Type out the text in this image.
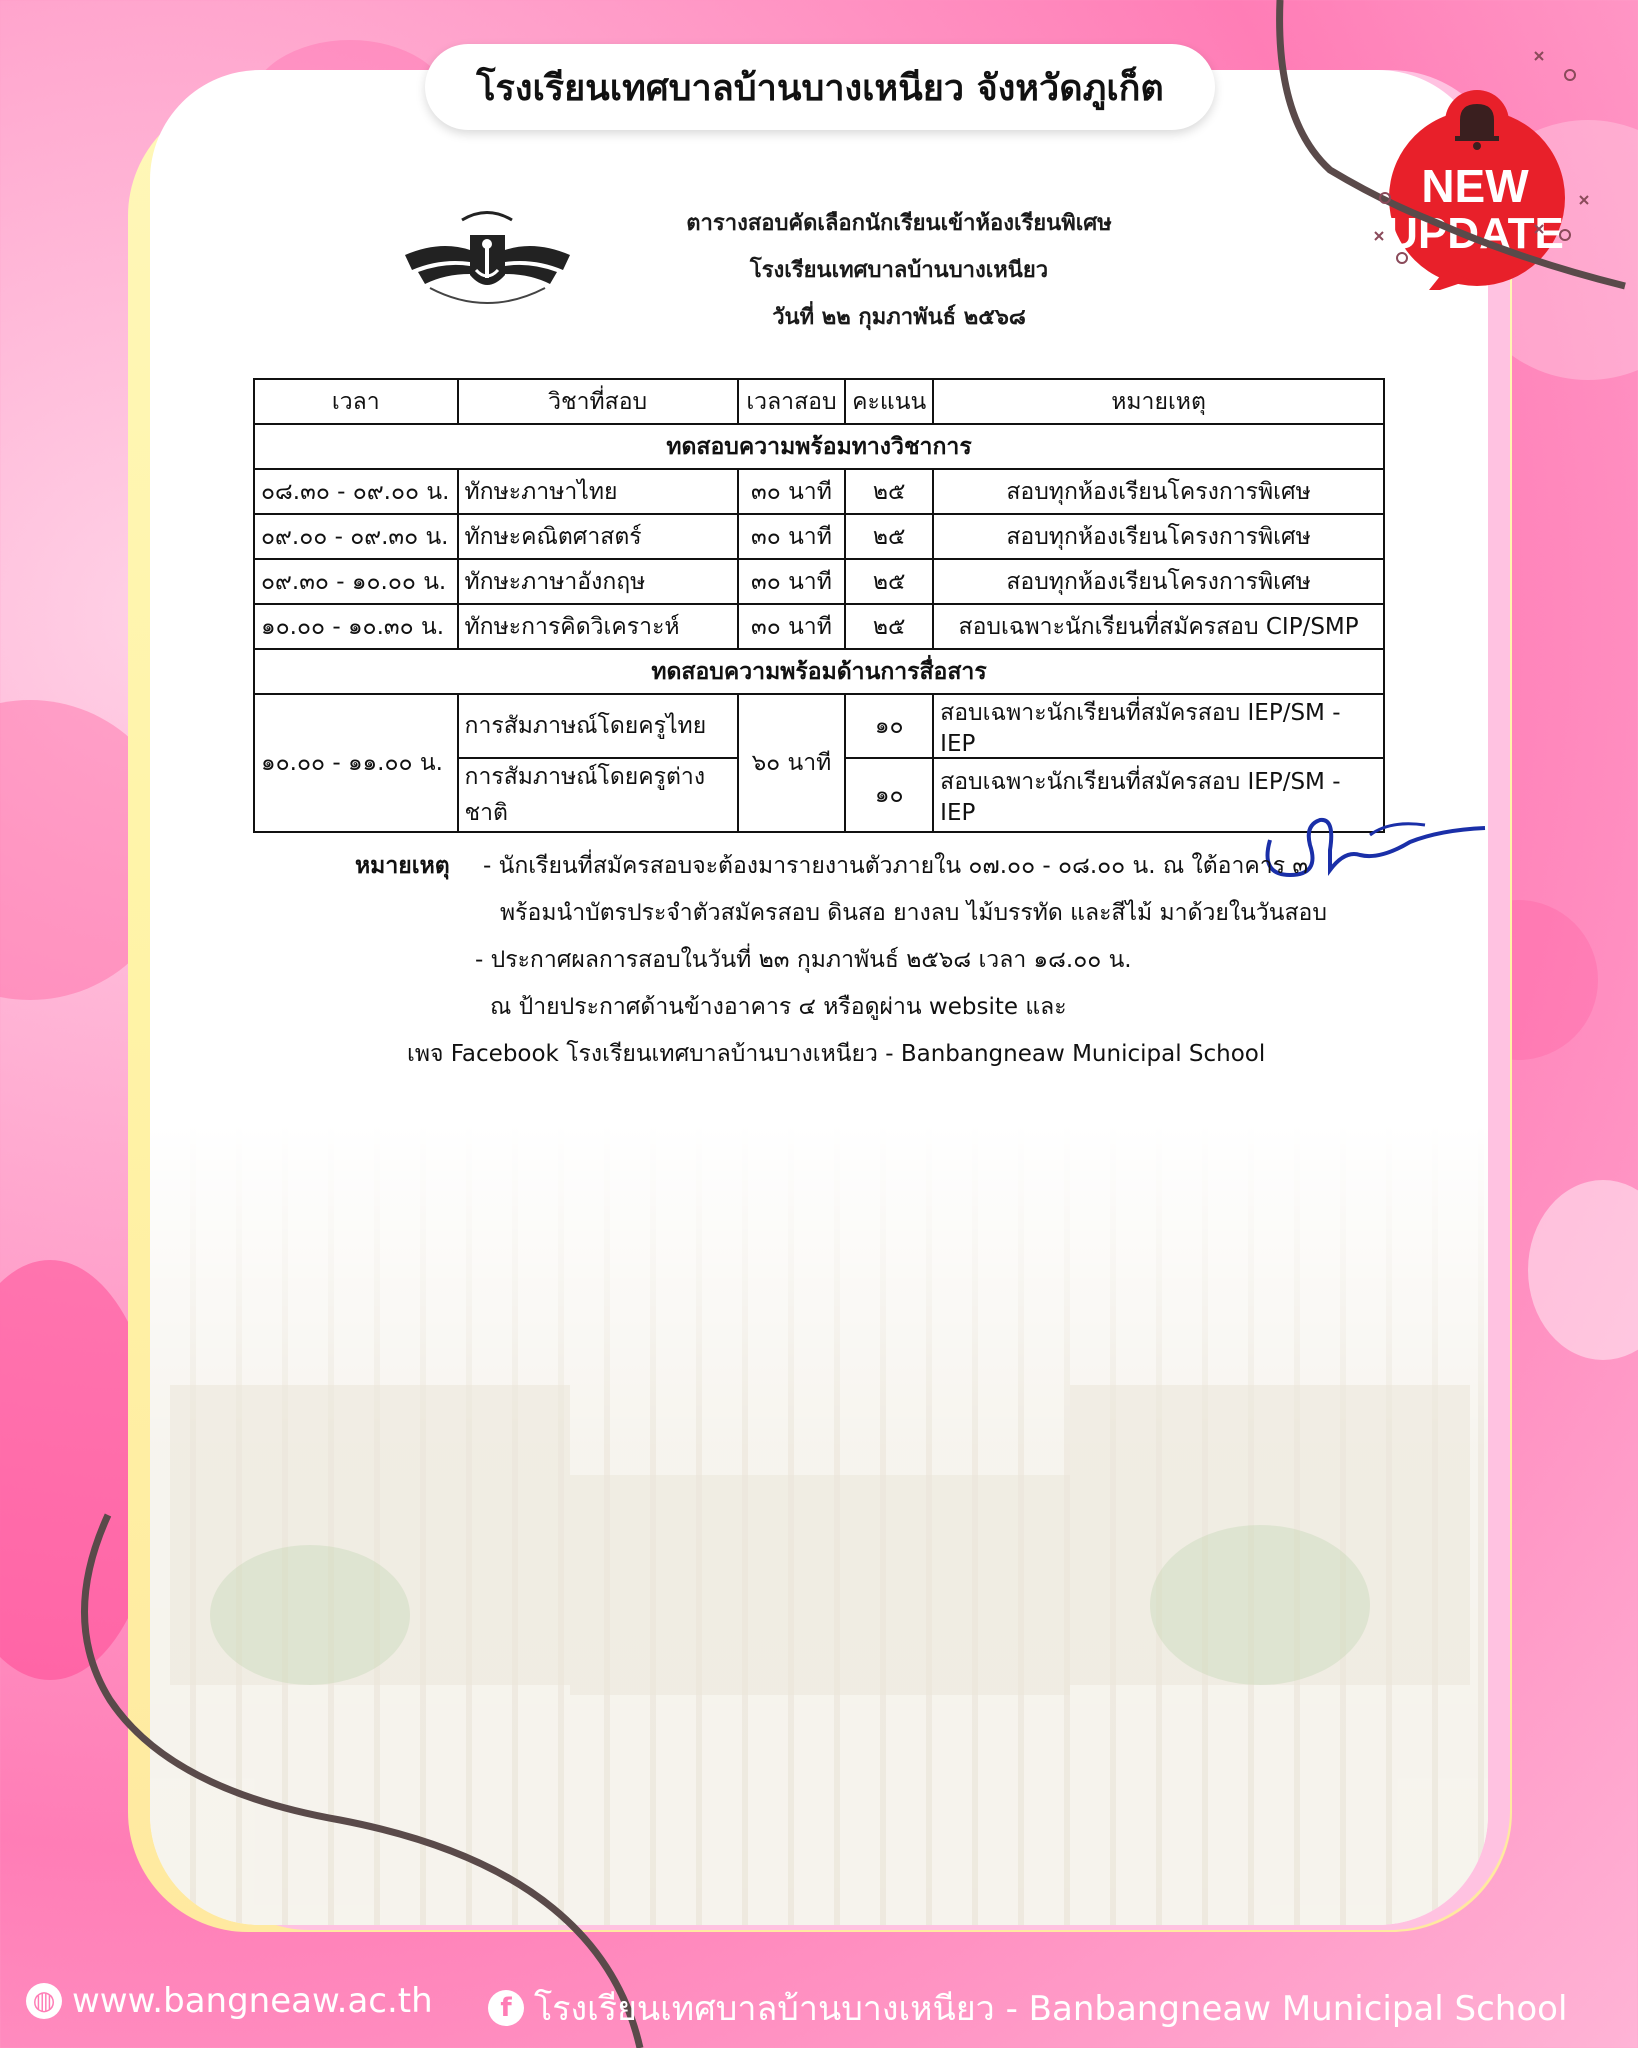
ตารางสอบคัดเลือกนักเรียนเข้าห้องเรียนพิเศษ
โรงเรียนเทศบาลบ้านบางเหนียว
วันที่ ๒๒ กุมภาพันธ์ ๒๕๖๘
เวลา	วิชาที่สอบ	เวลาสอบ	คะแนน	หมายเหตุ
ทดสอบความพร้อมทางวิชาการ				
๐๘.๓๐ - ๐๙.๐๐ น.	ทักษะภาษาไทย	๓๐ นาที	๒๕	สอบทุกห้องเรียนโครงการพิเศษ
๐๙.๐๐ - ๐๙.๓๐ น.	ทักษะคณิตศาสตร์	๓๐ นาที	๒๕	สอบทุกห้องเรียนโครงการพิเศษ
๐๙.๓๐ - ๑๐.๐๐ น.	ทักษะภาษาอังกฤษ	๓๐ นาที	๒๕	สอบทุกห้องเรียนโครงการพิเศษ
๑๐.๐๐ - ๑๐.๓๐ น.	ทักษะการคิดวิเคราะห์	๓๐ นาที	๒๕	สอบเฉพาะนักเรียนที่สมัครสอบ CIP/SMP
ทดสอบความพร้อมด้านการสื่อสาร				
๑๐.๐๐ - ๑๑.๐๐ น.	การสัมภาษณ์โดยครูไทย	๖๐ นาที	๑๐	สอบเฉพาะนักเรียนที่สมัครสอบ IEP/SM - IEP
	การสัมภาษณ์โดยครูต่างชาติ		๑๐	สอบเฉพาะนักเรียนที่สมัครสอบ IEP/SM - IEP
หมายเหตุ - นักเรียนที่สมัครสอบจะต้องมารายงานตัวภายใน ๐๗.๐๐ - ๐๘.๐๐ น. ณ ใต้อาคาร ๓
พร้อมนำบัตรประจำตัวสมัครสอบ ดินสอ ยางลบ ไม้บรรทัด และสีไม้ มาด้วยในวันสอบ
- ประกาศผลการสอบในวันที่ ๒๓ กุมภาพันธ์ ๒๕๖๘ เวลา ๑๘.๐๐ น.
ณ ป้ายประกาศด้านข้างอาคาร ๔ หรือดูผ่าน website และ
เพจ Facebook โรงเรียนเทศบาลบ้านบางเหนียว - Banbangneaw Municipal School
โรงเรียนเทศบาลบ้านบางเหนียว จังหวัดภูเก็ต
NEW
UPDATE
◍ www.bangneaw.ac.th	f โรงเรียนเทศบาลบ้านบางเหนียว - Banbangneaw Municipal School
